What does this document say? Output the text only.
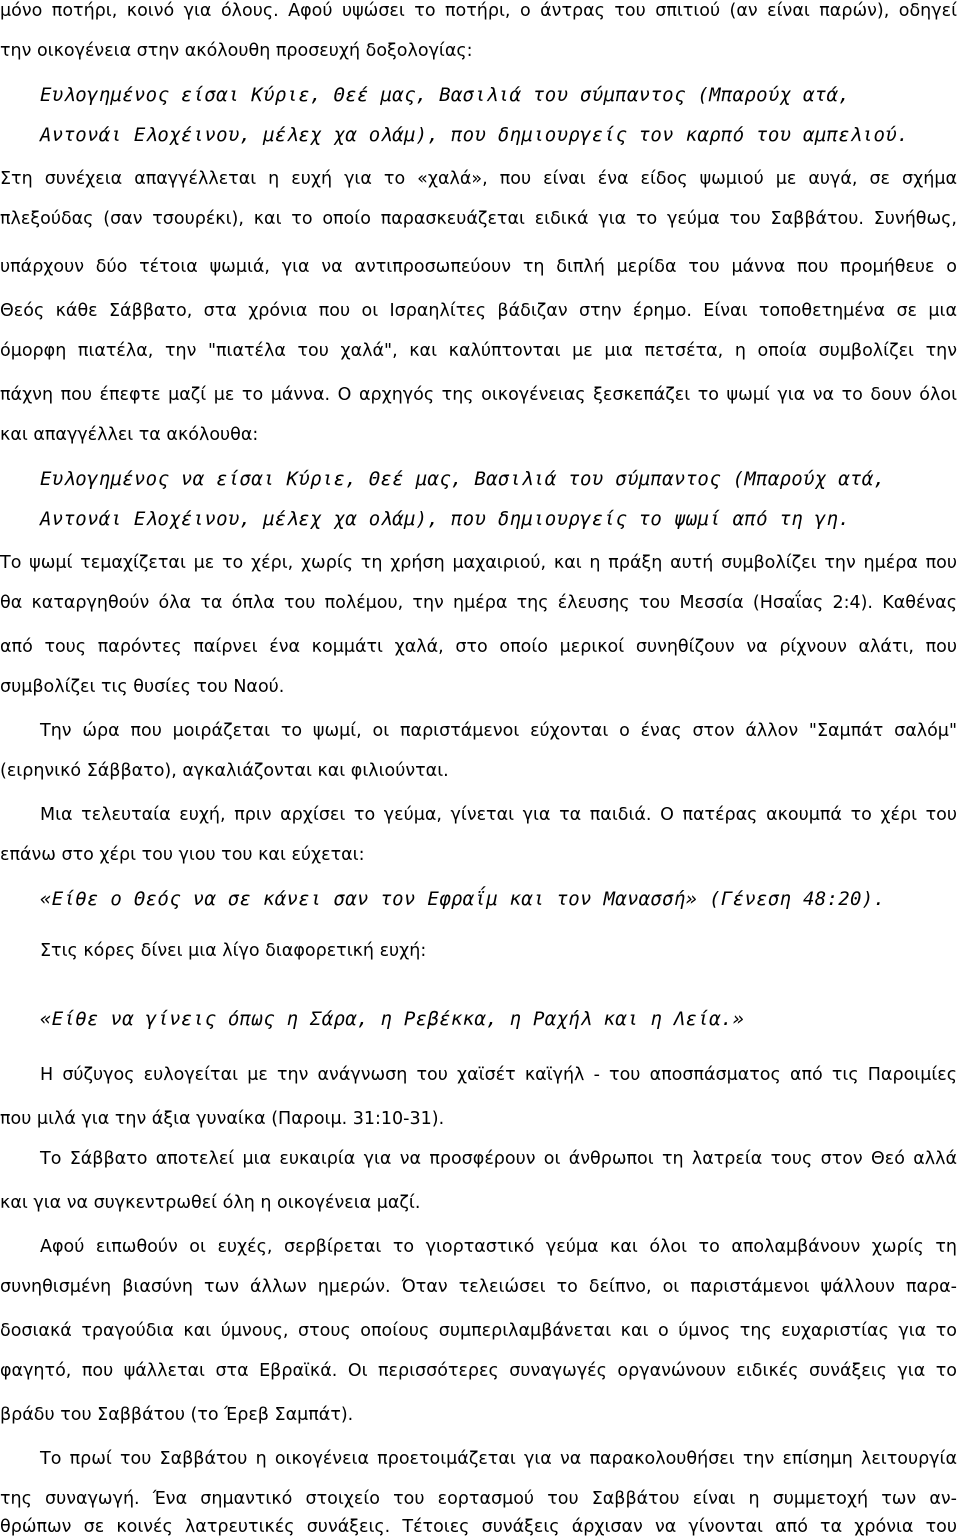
μόνο ποτήρι, κοινό για όλους. Αφού υψώσει το ποτήρι, ο άντρας του σπιτιού (αν είναι παρών), οδηγεί

την οικογένεια στην ακόλουθη προσευχή δοξολογίας:

Ευλογημένος είσαι Κύριε, Θεέ μας, Βασιλιά του σύμπαντος (Μπαρούχ ατά,

Αντονάι Ελοχέινου, μέλεχ χα ολάμ), που δημιουργείς τον καρπό του αμπελιού.

Στη συνέχεια απαγγέλλεται η ευχή για το «χαλά», που είναι ένα είδος ψωμιού με αυγά, σε σχήμα

πλεξούδας (σαν τσουρέκι), και το οποίο παρασκευάζεται ειδικά για το γεύμα του Σαββάτου. Συνήθως,

υπάρχουν δύο τέτοια ψωμιά, για να αντιπροσωπεύουν τη διπλή μερίδα του μάννα που προμήθευε ο

Θεός κάθε Σάββατο, στα χρόνια που οι Ισραηλίτες βάδιζαν στην έρημο. Είναι τοποθετημένα σε μια

όμορφη πιατέλα, την "πιατέλα του χαλά", και καλύπτονται με μια πετσέτα, η οποία συμβολίζει την

πάχνη που έπεφτε μαζί με το μάννα. Ο αρχηγός της οικογένειας ξεσκεπάζει το ψωμί για να το δουν όλοι

και απαγγέλλει τα ακόλουθα:

Ευλογημένος να είσαι Κύριε, Θεέ μας, Βασιλιά του σύμπαντος (Μπαρούχ ατά,

Αντονάι Ελοχέινου, μέλεχ χα ολάμ), που δημιουργείς το ψωμί από τη γη.

Το ψωμί τεμαχίζεται με το χέρι, χωρίς τη χρήση μαχαιριού, και η πράξη αυτή συμβολίζει την ημέρα που

θα καταργηθούν όλα τα όπλα του πολέμου, την ημέρα της έλευσης του Μεσσία (Ησαΐας 2:4). Καθένας

από τους παρόντες παίρνει ένα κομμάτι χαλά, στο οποίο μερικοί συνηθίζουν να ρίχνουν αλάτι, που

συμβολίζει τις θυσίες του Ναού.

Την ώρα που μοιράζεται το ψωμί, οι παριστάμενοι εύχονται ο ένας στον άλλον "Σαμπάτ σαλόμ"

(ειρηνικό Σάββατο), αγκαλιάζονται και φιλιούνται.

Μια τελευταία ευχή, πριν αρχίσει το γεύμα, γίνεται για τα παιδιά. Ο πατέρας ακουμπά το χέρι του

επάνω στο χέρι του γιου του και εύχεται:

«Είθε ο Θεός να σε κάνει σαν τον Εφραΐμ και τον Μανασσή» (Γένεση 48:20).

Στις κόρες δίνει μια λίγο διαφορετική ευχή:

«Είθε να γίνεις όπως η Σάρα, η Ρεβέκκα, η Ραχήλ και η Λεία.»

Η σύζυγος ευλογείται με την ανάγνωση του χαϊσέτ καϊγήλ - του αποσπάσματος από τις Παροιμίες

που μιλά για την άξια γυναίκα (Παροιμ. 31:10-31).

Το Σάββατο αποτελεί μια ευκαιρία για να προσφέρουν οι άνθρωποι τη λατρεία τους στον Θεό αλλά

και για να συγκεντρωθεί όλη η οικογένεια μαζί.

Αφού ειπωθούν οι ευχές, σερβίρεται το γιορταστικό γεύμα και όλοι το απολαμβάνουν χωρίς τη

συνηθισμένη βιασύνη των άλλων ημερών. Όταν τελειώσει το δείπνο, οι παριστάμενοι ψάλλουν παρα-

δοσιακά τραγούδια και ύμνους, στους οποίους συμπεριλαμβάνεται και ο ύμνος της ευχαριστίας για το

φαγητό, που ψάλλεται στα Εβραϊκά. Οι περισσότερες συναγωγές οργανώνουν ειδικές συνάξεις για το

βράδυ του Σαββάτου (το Έρεβ Σαμπάτ).

Το πρωί του Σαββάτου η οικογένεια προετοιμάζεται για να παρακολουθήσει την επίσημη λειτουργία

της συναγωγή. Ένα σημαντικό στοιχείο του εορτασμού του Σαββάτου είναι η συμμετοχή των αν-

θρώπων σε κοινές λατρευτικές συνάξεις. Τέτοιες συνάξεις άρχισαν να γίνονται από τα χρόνια του
